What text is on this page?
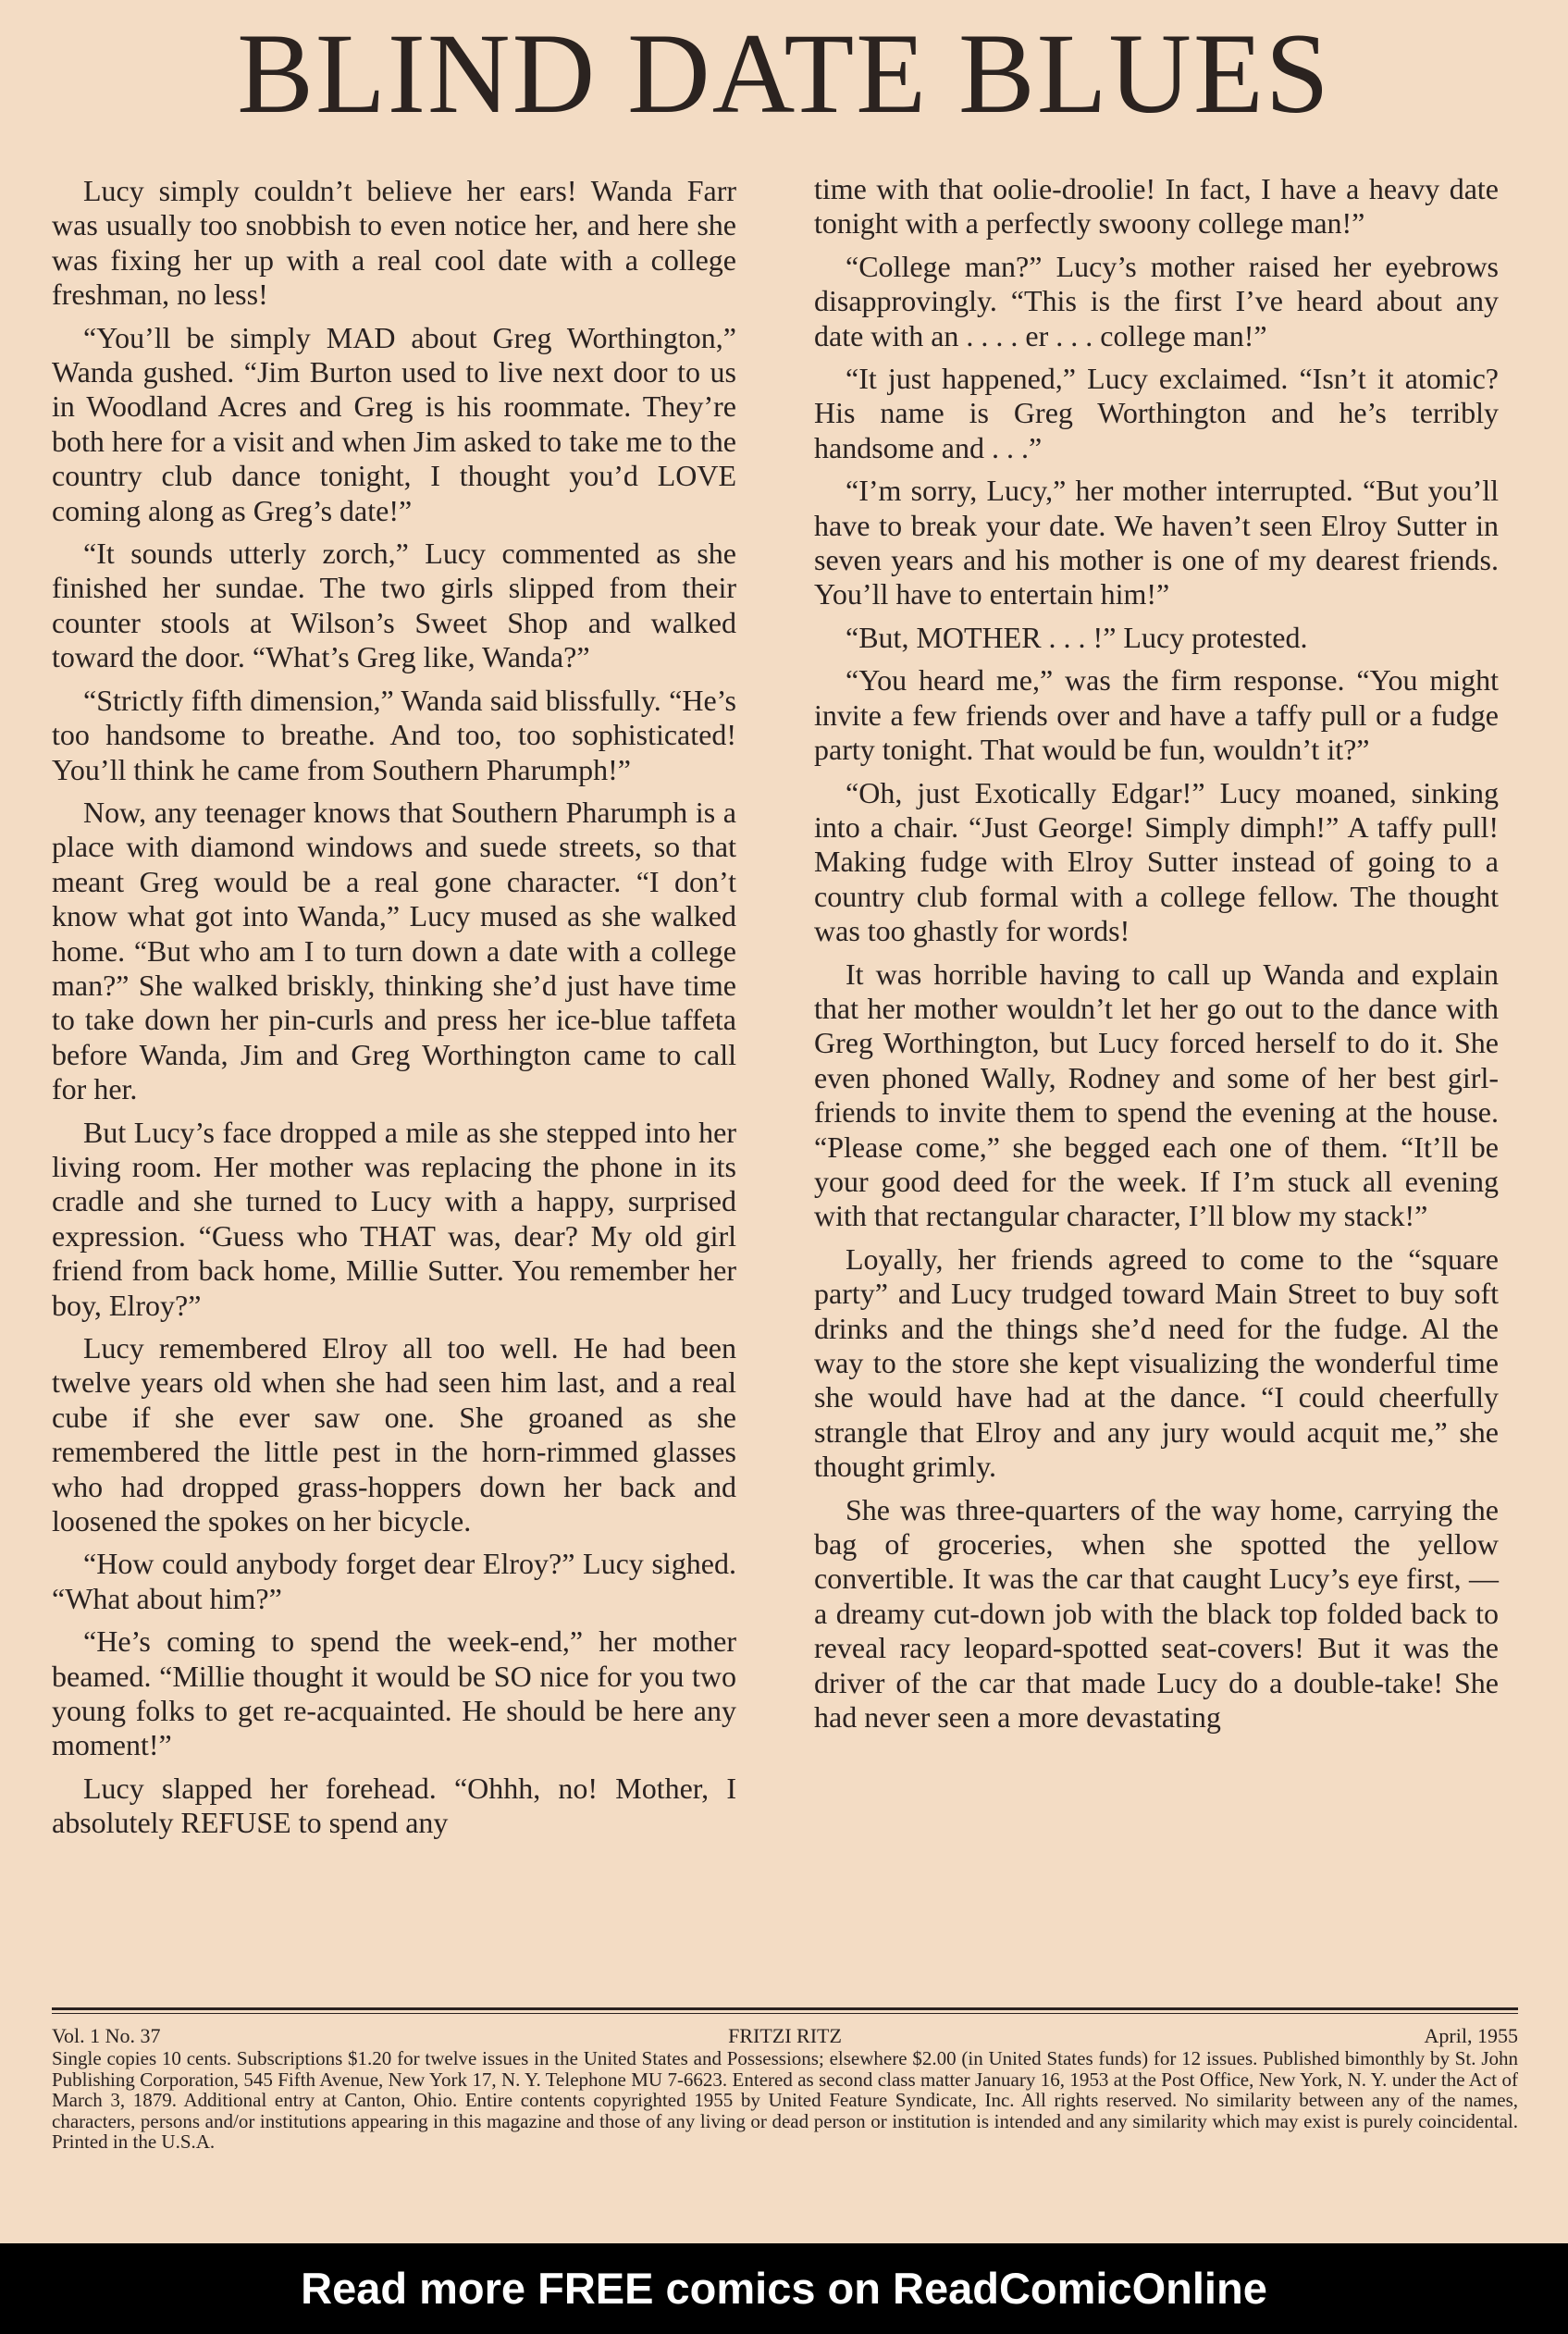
BLIND DATE BLUES

Lucy simply couldn’t believe her ears! Wanda Farr was usually too snobbish to even notice her, and here she was fixing her up with a real cool date with a college freshman, no less!

“You’ll be simply MAD about Greg Worthington,” Wanda gushed. “Jim Burton used to live next door to us in Woodland Acres and Greg is his roommate. They’re both here for a visit and when Jim asked to take me to the country club dance tonight, I thought you’d LOVE coming along as Greg’s date!”

“It sounds utterly zorch,” Lucy commented as she finished her sundae. The two girls slipped from their counter stools at Wilson’s Sweet Shop and walked toward the door. “What’s Greg like, Wanda?”

“Strictly fifth dimension,” Wanda said blissfully. “He’s too handsome to breathe. And too, too sophisticated! You’ll think he came from Southern Pharumph!”

Now, any teenager knows that Southern Pharumph is a place with diamond windows and suede streets, so that meant Greg would be a real gone character. “I don’t know what got into Wanda,” Lucy mused as she walked home. “But who am I to turn down a date with a college man?” She walked briskly, thinking she’d just have time to take down her pin-curls and press her ice-blue taffeta before Wanda, Jim and Greg Worthington came to call for her.

But Lucy’s face dropped a mile as she stepped into her living room. Her mother was replacing the phone in its cradle and she turned to Lucy with a happy, surprised expression. “Guess who THAT was, dear? My old girl friend from back home, Millie Sutter. You remember her boy, Elroy?”

Lucy remembered Elroy all too well. He had been twelve years old when she had seen him last, and a real cube if she ever saw one. She groaned as she remembered the little pest in the horn-rimmed glasses who had dropped grass-hoppers down her back and loosened the spokes on her bicycle.

“How could anybody forget dear Elroy?” Lucy sighed. “What about him?”

“He’s coming to spend the week-end,” her mother beamed. “Millie thought it would be SO nice for you two young folks to get re-acquainted. He should be here any moment!”

Lucy slapped her forehead. “Ohhh, no! Mother, I absolutely REFUSE to spend any

time with that oolie-droolie! In fact, I have a heavy date tonight with a perfectly swoony college man!”

“College man?” Lucy’s mother raised her eyebrows disapprovingly. “This is the first I’ve heard about any date with an . . . . er . . . college man!”

“It just happened,” Lucy exclaimed. “Isn’t it atomic? His name is Greg Worthington and he’s terribly handsome and . . .”

“I’m sorry, Lucy,” her mother interrupted. “But you’ll have to break your date. We haven’t seen Elroy Sutter in seven years and his mother is one of my dearest friends. You’ll have to entertain him!”

“But, MOTHER . . . !” Lucy protested.

“You heard me,” was the firm response. “You might invite a few friends over and have a taffy pull or a fudge party tonight. That would be fun, wouldn’t it?”

“Oh, just Exotically Edgar!” Lucy moaned, sinking into a chair. “Just George! Simply dimph!” A taffy pull! Making fudge with Elroy Sutter instead of going to a country club formal with a college fellow. The thought was too ghastly for words!

It was horrible having to call up Wanda and explain that her mother wouldn’t let her go out to the dance with Greg Worthington, but Lucy forced herself to do it. She even phoned Wally, Rodney and some of her best girl-friends to invite them to spend the evening at the house. “Please come,” she begged each one of them. “It’ll be your good deed for the week. If I’m stuck all evening with that rectangular character, I’ll blow my stack!”

Loyally, her friends agreed to come to the “square party” and Lucy trudged toward Main Street to buy soft drinks and the things she’d need for the fudge. Al the way to the store she kept visualizing the wonderful time she would have had at the dance. “I could cheerfully strangle that Elroy and any jury would acquit me,” she thought grimly.

She was three-quarters of the way home, carrying the bag of groceries, when she spotted the yellow convertible. It was the car that caught Lucy’s eye first, — a dreamy cut-down job with the black top folded back to reveal racy leopard-spotted seat-covers! But it was the driver of the car that made Lucy do a double-take! She had never seen a more devastating

Vol. 1 No. 37	FRITZI RITZ	April, 1955
Single copies 10 cents. Subscriptions $1.20 for twelve issues in the United States and Possessions; elsewhere $2.00 (in United States funds) for 12 issues. Published bimonthly by St. John Publishing Corporation, 545 Fifth Avenue, New York 17, N. Y. Telephone MU 7-6623. Entered as second class matter January 16, 1953 at the Post Office, New York, N. Y. under the Act of March 3, 1879. Additional entry at Canton, Ohio. Entire contents copyrighted 1955 by United Feature Syndicate, Inc. All rights reserved. No similarity between any of the names, characters, persons and/or institutions appearing in this magazine and those of any living or dead person or institution is intended and any similarity which may exist is purely coincidental. Printed in the U.S.A.
Read more FREE comics on ReadComicOnline
